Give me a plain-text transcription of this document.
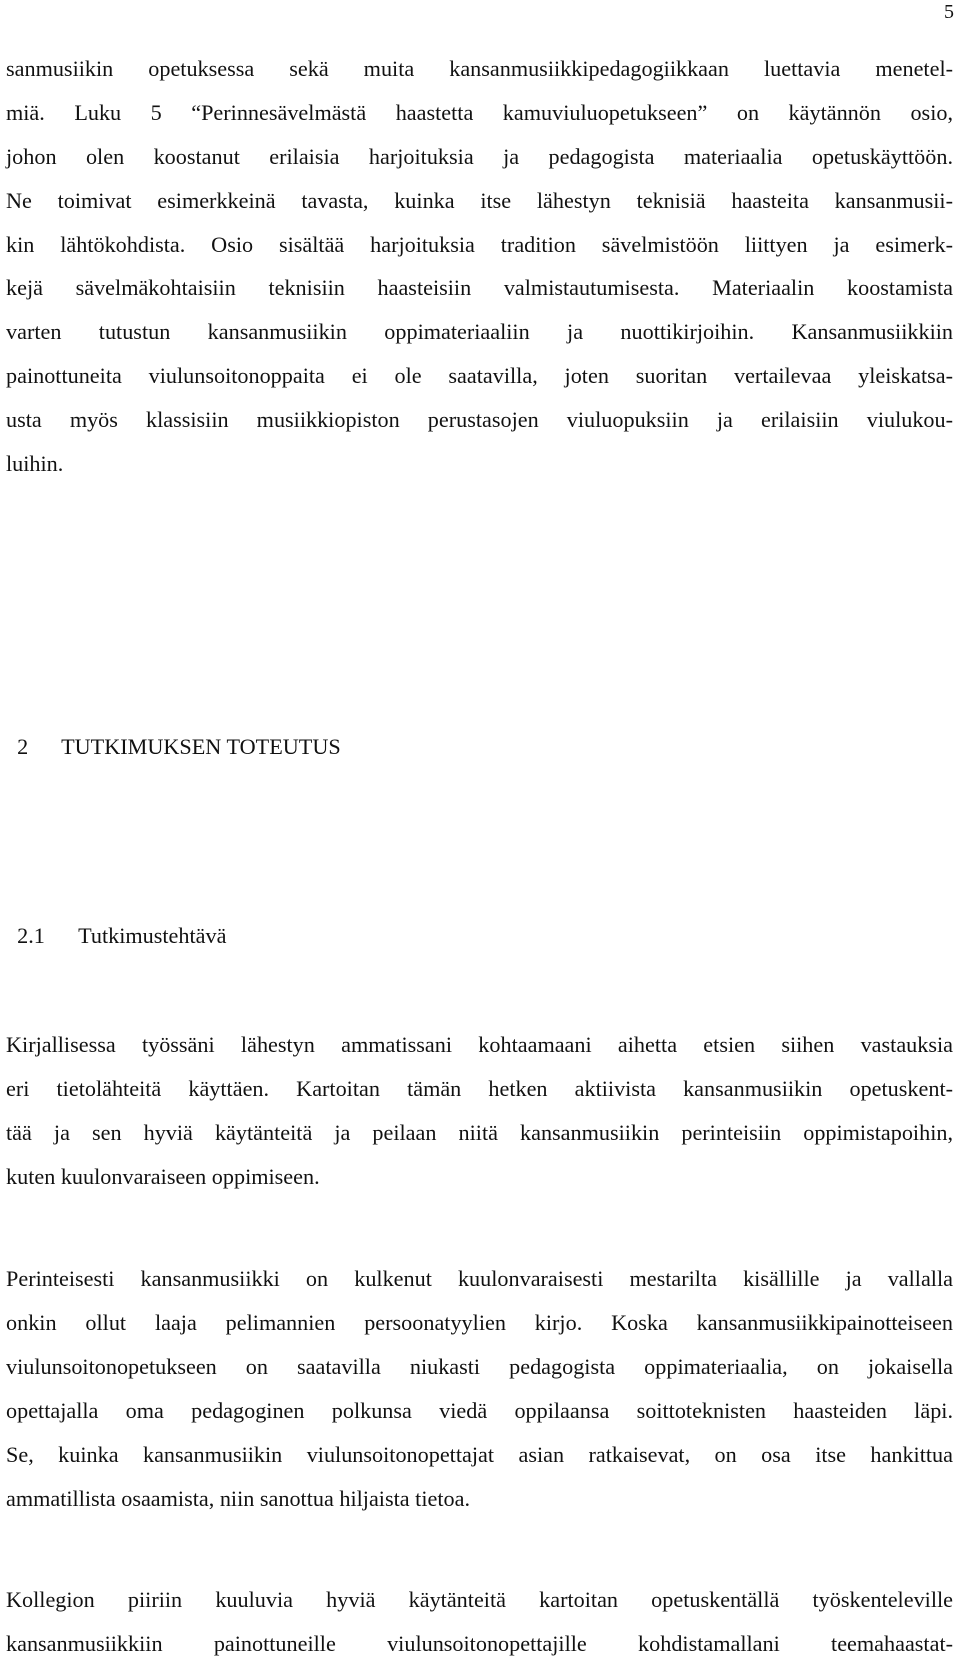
5
sanmusiikin opetuksessa sekä muita kansanmusiikkipedagogiikkaan luettavia menetel-
miä. Luku 5 “Perinnesävelmästä haastetta kamuviuluopetukseen” on käytännön osio,
johon olen koostanut erilaisia harjoituksia ja pedagogista materiaalia opetuskäyttöön.
Ne toimivat esimerkkeinä tavasta, kuinka itse lähestyn teknisiä haasteita kansanmusii-
kin lähtökohdista. Osio sisältää harjoituksia tradition sävelmistöön liittyen ja esimerk-
kejä sävelmäkohtaisiin teknisiin haasteisiin valmistautumisesta. Materiaalin koostamista
varten tutustun kansanmusiikin oppimateriaaliin ja nuottikirjoihin. Kansanmusiikkiin
painottuneita viulunsoitonoppaita ei ole saatavilla, joten suoritan vertailevaa yleiskatsa-
usta myös klassisiin musiikkiopiston perustasojen viuluopuksiin ja erilaisiin viulukou-
luihin.

2 TUTKIMUKSEN TOTEUTUS

2.1 Tutkimustehtävä

Kirjallisessa työssäni lähestyn ammatissani kohtaamaani aihetta etsien siihen vastauksia
eri tietolähteitä käyttäen. Kartoitan tämän hetken aktiivista kansanmusiikin opetuskent-
tää ja sen hyviä käytänteitä ja peilaan niitä kansanmusiikin perinteisiin oppimistapoihin,
kuten kuulonvaraiseen oppimiseen.
Perinteisesti kansanmusiikki on kulkenut kuulonvaraisesti mestarilta kisällille ja vallalla
onkin ollut laaja pelimannien persoonatyylien kirjo. Koska kansanmusiikkipainotteiseen
viulunsoitonopetukseen on saatavilla niukasti pedagogista oppimateriaalia, on jokaisella
opettajalla oma pedagoginen polkunsa viedä oppilaansa soittoteknisten haasteiden läpi.
Se, kuinka kansanmusiikin viulunsoitonopettajat asian ratkaisevat, on osa itse hankittua
ammatillista osaamista, niin sanottua hiljaista tietoa.
Kollegion piiriin kuuluvia hyviä käytänteitä kartoitan opetuskentällä työskenteleville
kansanmusiikkiin painottuneille viulunsoitonopettajille kohdistamallani teemahaastat-
